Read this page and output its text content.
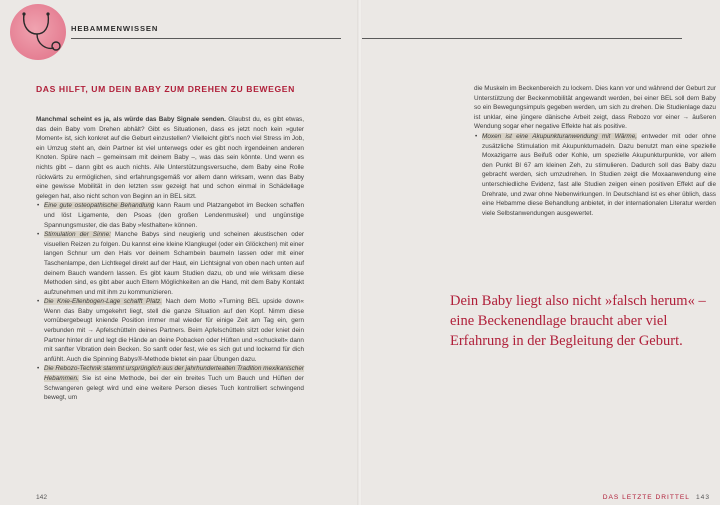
HEBAMMENWISSEN
DAS HILFT, UM DEIN BABY ZUM DREHEN ZU BEWEGEN

Manchmal scheint es ja, als würde das Baby Signale senden. Glaubst du, es gibt etwas, das dein Baby vom Drehen abhält? Gibt es Situationen, dass es jetzt noch kein »guter Moment« ist, sich konkret auf die Geburt einzustellen? Vielleicht gibt’s noch viel Stress im Job, ein Umzug steht an, dein Partner ist viel unterwegs oder es gibt noch irgendeinen anderen Knoten. Spüre nach – gemeinsam mit deinem Baby –, was das sein könnte. Und wenn es nichts gibt – dann gibt es auch nichts. Alle Unterstützungsversuche, dem Baby eine Rolle rückwärts zu ermöglichen, sind erfahrungsgemäß vor allem dann wirksam, wenn das Baby eine gewisse Mobilität in den letzten ssw gezeigt hat und schon einmal in Schädellage gelegen hat, also nicht schon von Beginn an in BEL sitzt.

• Eine gute osteopathische Behandlung kann Raum und Platzangebot im Becken schaffen und löst Ligamente, den Psoas (den großen Lendenmuskel) und ungünstige Spannungsmuster, die das Baby »festhalten« können.
• Stimulation der Sinne: Manche Babys sind neugierig und scheinen akustischen oder visuellen Reizen zu folgen. Du kannst eine kleine Klangkugel (oder ein Glöckchen) mit einer langen Schnur um den Hals vor deinem Schambein baumeln lassen oder mit einer Taschenlampe, den Lichtkegel direkt auf der Haut, ein Lichtsignal von oben nach unten auf deinem Bauch wandern lassen. Es gibt kaum Studien dazu, ob und wie wirksam diese Methoden sind, es gibt aber auch Eltern Möglichkeiten an die Hand, mit dem Baby Kontakt aufzunehmen und mit ihm zu kommunizieren.
• Die Knie-Ellenbogen-Lage schafft Platz. Nach dem Motto »Turning BEL upside down« Wenn das Baby umgekehrt liegt, stell die ganze Situation auf den Kopf. Nimm diese vornübergebeugt kniende Position immer mal wieder für einige Zeit am Tag ein, gern verbunden mit → Apfelschütteln deines Partners. Beim Apfelschütteln sitzt oder kniet dein Partner hinter dir und legt die Hände an deine Pobacken oder Hüften und »schuckelt« dann mit sanfter Vibration dein Becken. So sanft oder fest, wie es sich gut und lockernd für dich anfühlt. Auch die Spinning Babys®-Methode bietet ein paar Übungen dazu.
• Die Rebozo-Technik stammt ursprünglich aus der jahrhundertealten Tradition mexikanischer Hebammen. Sie ist eine Methode, bei der ein breites Tuch um Bauch und Hüften der Schwangeren gelegt wird und eine weitere Person dieses Tuch kontrolliert schwingend bewegt, um
142

die Muskeln im Beckenbereich zu lockern. Dies kann vor und während der Geburt zur Unterstützung der Beckenmobilität angewandt werden, bei einer BEL soll dem Baby so ein Bewegungsimpuls gegeben werden, um sich zu drehen. Die Studienlage dazu ist unklar, eine jüngere dänische Arbeit zeigt, dass Rebozo vor einer → äußeren Wendung sogar eher negative Effekte hat als positive.

• Moxen ist eine Akupunkturanwendung mit Wärme, entweder mit oder ohne zusätzliche Stimulation mit Akupunkturnadeln. Dazu benutzt man eine spezielle Moxazigarre aus Beifuß oder Kohle, um spezielle Akupunkturpunkte, vor allem den Punkt Bl 67 am kleinen Zeh, zu stimulieren. Dadurch soll das Baby dazu gebracht werden, sich umzudrehen. In Studien zeigt die Moxaanwendung eine unterschiedliche Evidenz, fast alle Studien zeigen einen positiven Effekt auf die Drehrate, und zwar ohne Nebenwirkungen. In Deutschland ist es eher üblich, dass eine Hebamme diese Behandlung anbietet, in der internationalen Literatur werden viele Selbstanwendungen ausgewertet.
Dein Baby liegt also nicht »falsch herum« – eine Beckenendlage braucht aber viel Erfahrung in der Begleitung der Geburt.
DAS LETZTE DRITTEL 143
